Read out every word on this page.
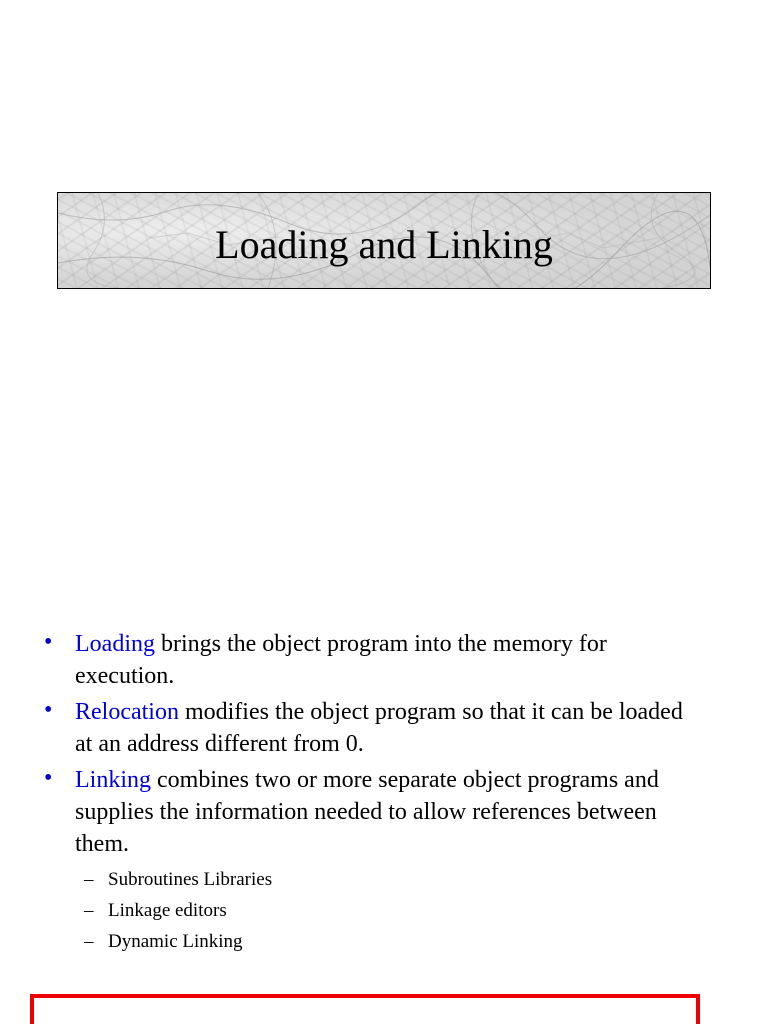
Loading and Linking
• Loading brings the object program into the memory for execution.
• Relocation modifies the object program so that it can be loaded at an address different from 0.
• Linking combines two or more separate object programs and supplies the information needed to allow references between them.
– Subroutines Libraries
– Linkage editors
– Dynamic Linking
